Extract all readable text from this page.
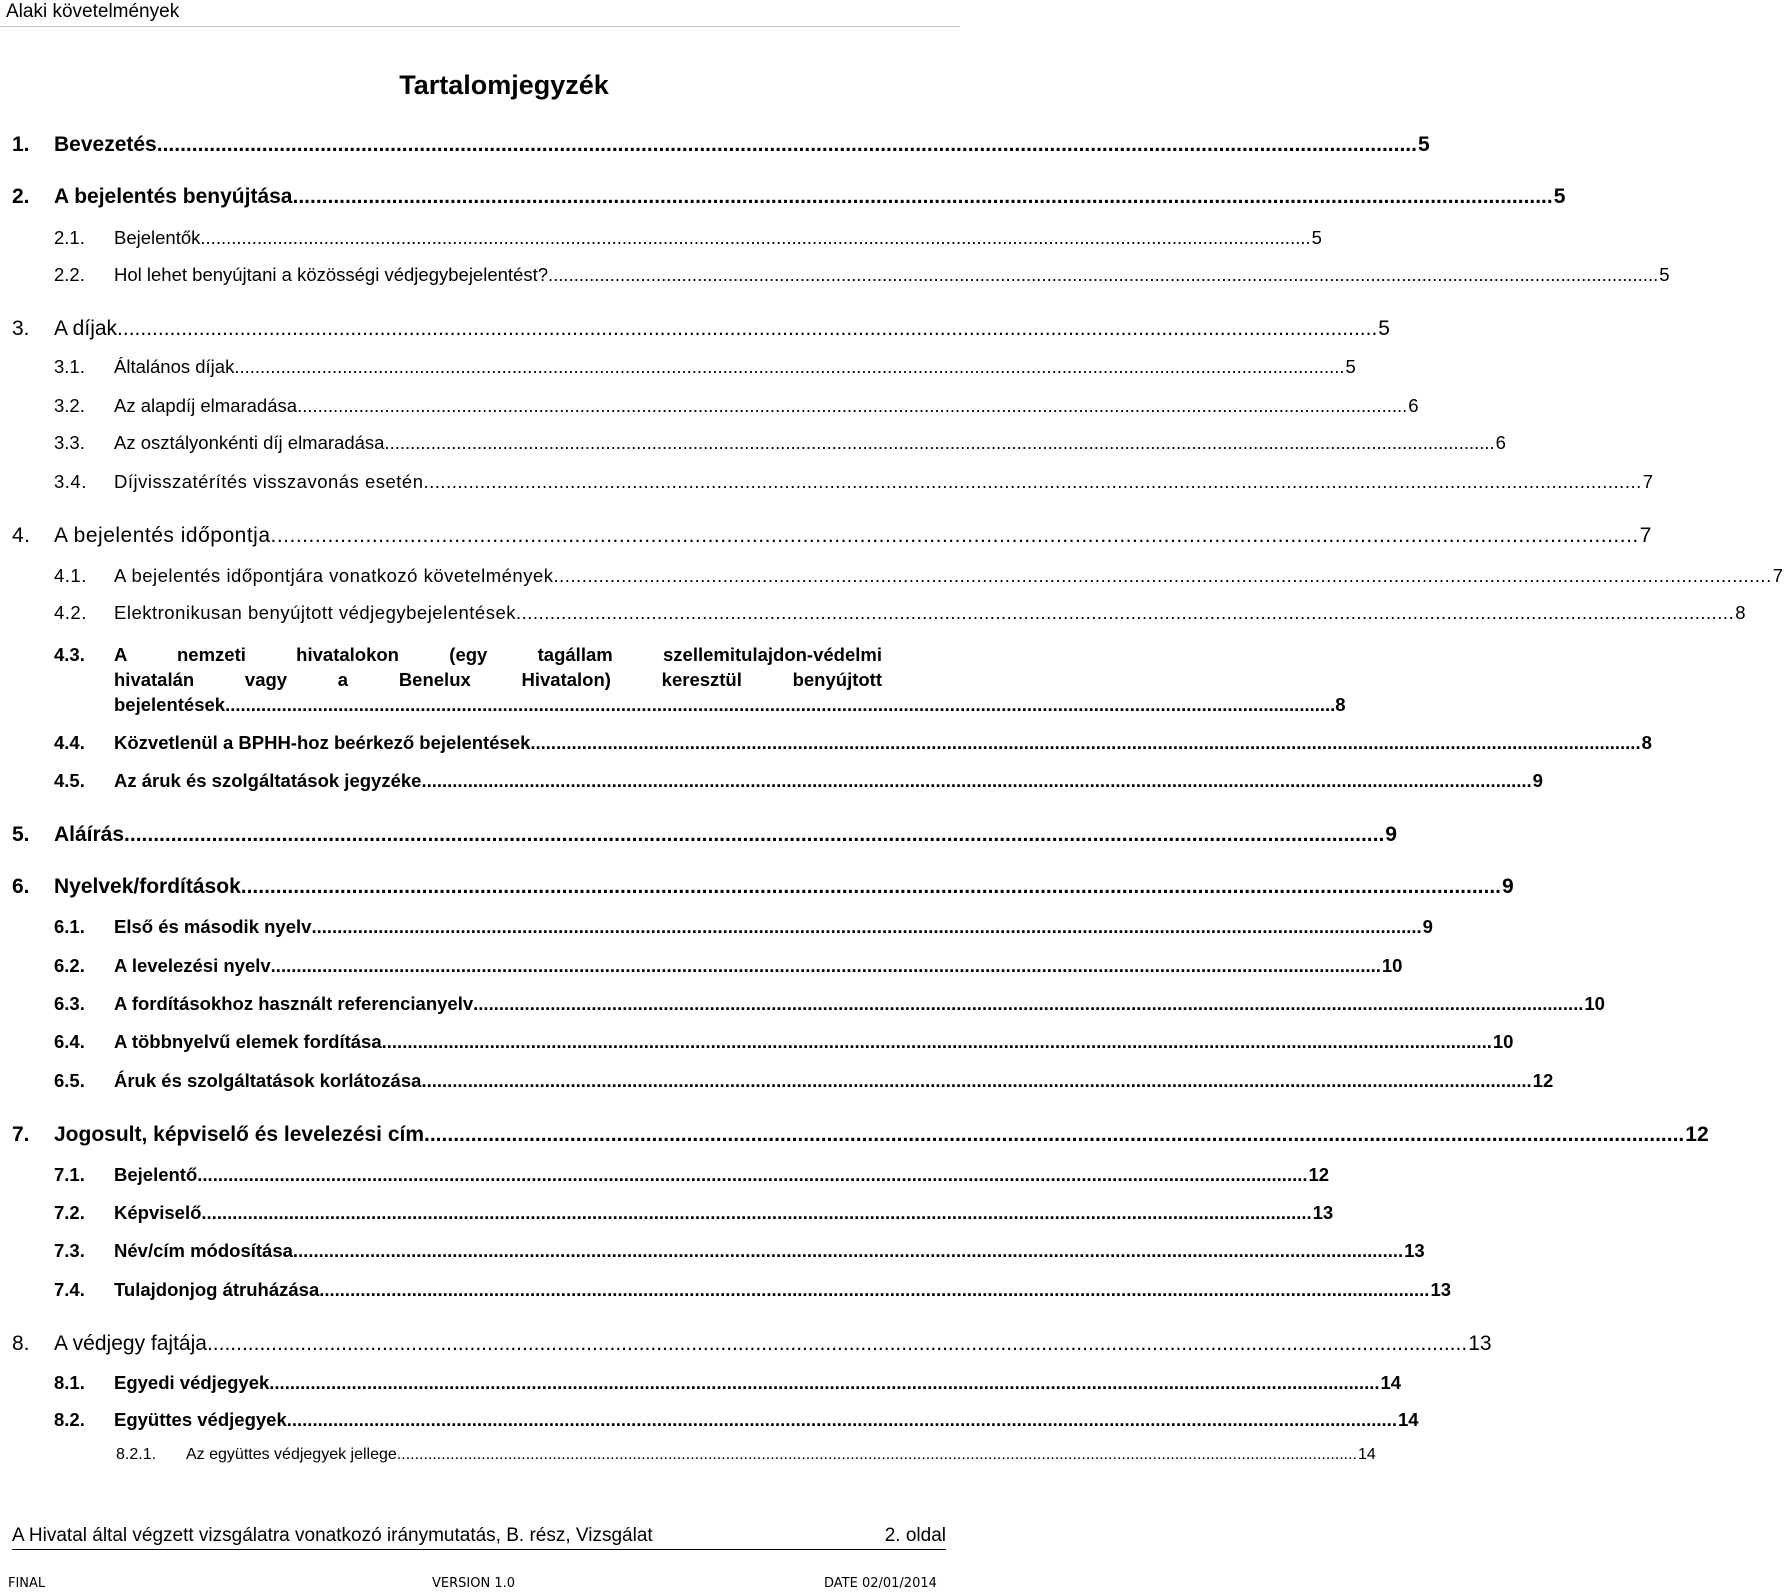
Alaki követelmények
Tartalomjegyzék
1.	Bevezetés ........................................................................................................................................................................................................................ 5
2.	A bejelentés benyújtása ........................................................................................................................................................................................................................ 5
2.1.	Bejelentők ........................................................................................................................................................................................................................ 5
2.2.	Hol lehet benyújtani a közösségi védjegybejelentést? ........................................................................................................................................................................................................................ 5
3.	A díjak ........................................................................................................................................................................................................................ 5
3.1.	Általános díjak ........................................................................................................................................................................................................................ 5
3.2.	Az alapdíj elmaradása ........................................................................................................................................................................................................................ 6
3.3.	Az osztályonkénti díj elmaradása ........................................................................................................................................................................................................................ 6
3.4.	Díjvisszatérítés visszavonás esetén ........................................................................................................................................................................................................................ 7
4.	A bejelentés időpontja ........................................................................................................................................................................................................................ 7
4.1.	A bejelentés időpontjára vonatkozó követelmények ........................................................................................................................................................................................................................ 7
4.2.	Elektronikusan benyújtott védjegybejelentések ........................................................................................................................................................................................................................ 8
4.3.	A nemzeti hivatalokon (egy tagállam szellemitulajdon-védelmi
hivatalán vagy a Benelux Hivatalon) keresztül benyújtott
bejelentések ........................................................................................................................................................................................................................ 8
4.4.	Közvetlenül a BPHH-hoz beérkező bejelentések ........................................................................................................................................................................................................................ 8
4.5.	Az áruk és szolgáltatások jegyzéke ........................................................................................................................................................................................................................ 9
5.	Aláírás ........................................................................................................................................................................................................................ 9
6.	Nyelvek/fordítások ........................................................................................................................................................................................................................ 9
6.1.	Első és második nyelv ........................................................................................................................................................................................................................ 9
6.2.	A levelezési nyelv ........................................................................................................................................................................................................................ 10
6.3.	A fordításokhoz használt referencianyelv ........................................................................................................................................................................................................................ 10
6.4.	A többnyelvű elemek fordítása ........................................................................................................................................................................................................................ 10
6.5.	Áruk és szolgáltatások korlátozása ........................................................................................................................................................................................................................ 12
7.	Jogosult, képviselő és levelezési cím ........................................................................................................................................................................................................................ 12
7.1.	Bejelentő ........................................................................................................................................................................................................................ 12
7.2.	Képviselő ........................................................................................................................................................................................................................ 13
7.3.	Név/cím módosítása ........................................................................................................................................................................................................................ 13
7.4.	Tulajdonjog átruházása ........................................................................................................................................................................................................................ 13
8.	A védjegy fajtája ........................................................................................................................................................................................................................ 13
8.1.	Egyedi védjegyek ........................................................................................................................................................................................................................ 14
8.2.	Együttes védjegyek ........................................................................................................................................................................................................................ 14
8.2.1.	Az együttes védjegyek jellege ........................................................................................................................................................................................................................ 14
A Hivatal által végzett vizsgálatra vonatkozó iránymutatás, B. rész, Vizsgálat	2. oldal
FINAL	VERSION 1.0	DATE 02/01/2014
